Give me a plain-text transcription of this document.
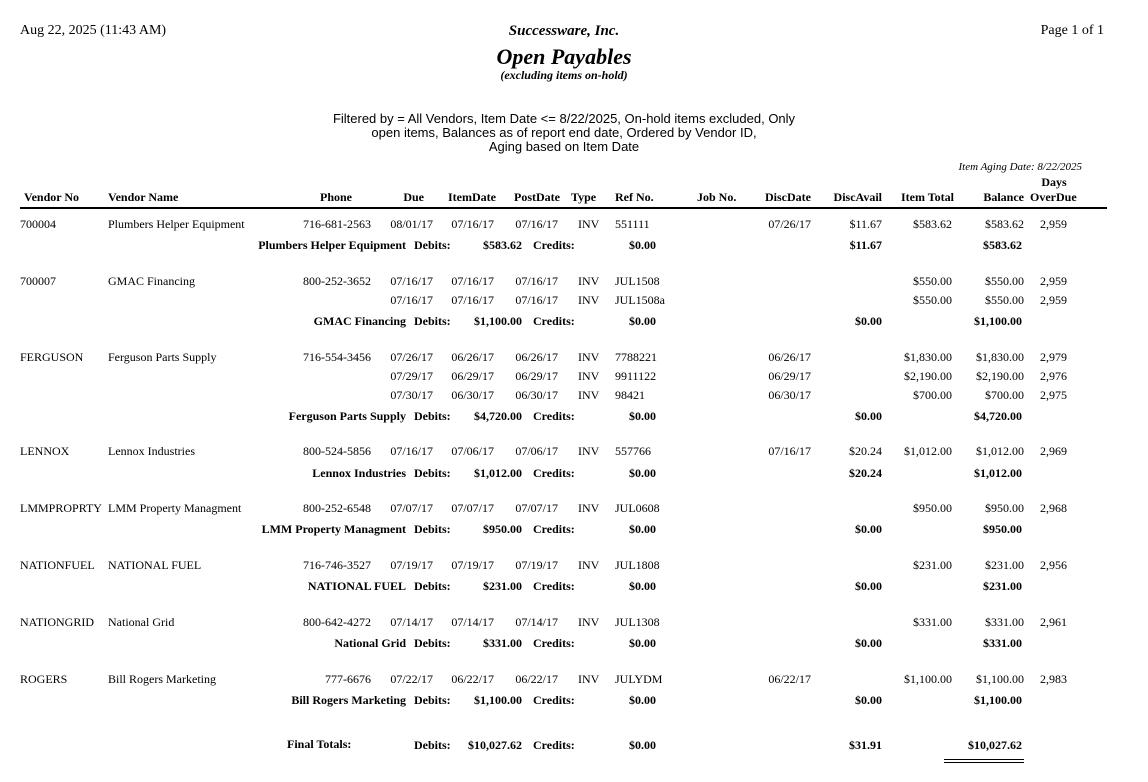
Aug 22, 2025 (11:43 AM)	Successware, Inc.
Open Payables
(excluding items on-hold)
Page 1 of 1
Filtered by = All Vendors, Item Date <= 8/22/2025, On-hold items excluded, Only
open items, Balances as of report end date, Ordered by Vendor ID,
Aging based on Item Date
Item Aging Date: 8/22/2025
Vendor No Vendor Name	Phone	Due	ItemDate	PostDate Type Ref No.	Job No.	DiscDate	DiscAvail	Item Total	Balance
Days
OverDue
700004	Plumbers Helper Equipment	716-681-2563	08/01/17	07/16/17	07/16/17 INV	551111	07/26/17	$11.67	$583.62	$583.62 2,959
Plumbers Helper Equipment Debits:	$583.62 Credits:	$0.00	$11.67	$583.62
700007	GMAC Financing	800-252-3652	07/16/17	07/16/17	07/16/17 INV	JUL1508	$550.00	$550.00 2,959
07/16/17	07/16/17	07/16/17 INV	JUL1508a	$550.00	$550.00 2,959
GMAC Financing Debits:	$1,100.00 Credits:	$0.00	$0.00	$1,100.00
FERGUSON Ferguson Parts Supply	716-554-3456	07/26/17	06/26/17	06/26/17 INV	7788221	06/26/17	$1,830.00	$1,830.00 2,979
07/29/17	06/29/17	06/29/17 INV	9911122	06/29/17	$2,190.00	$2,190.00 2,976
07/30/17	06/30/17	06/30/17 INV	98421	06/30/17	$700.00	$700.00 2,975
Ferguson Parts Supply Debits:	$4,720.00 Credits:	$0.00	$0.00	$4,720.00
LENNOX	Lennox Industries	800-524-5856	07/16/17	07/06/17	07/06/17 INV	557766	07/16/17	$20.24	$1,012.00	$1,012.00 2,969
Lennox Industries Debits:	$1,012.00 Credits:	$0.00	$20.24	$1,012.00
LMMPROPRTY LMM Property Managment	800-252-6548	07/07/17	07/07/17	07/07/17 INV	JUL0608	$950.00	$950.00 2,968
LMM Property Managment Debits:	$950.00 Credits:	$0.00	$0.00	$950.00
NATIONFUEL NATIONAL FUEL	716-746-3527	07/19/17	07/19/17	07/19/17 INV	JUL1808	$231.00	$231.00 2,956
NATIONAL FUEL Debits:	$231.00 Credits:	$0.00	$0.00	$231.00
NATIONGRID National Grid	800-642-4272	07/14/17	07/14/17	07/14/17 INV	JUL1308	$331.00	$331.00 2,961
National Grid Debits:	$331.00 Credits:	$0.00	$0.00	$331.00
ROGERS	Bill Rogers Marketing	777-6676	07/22/17	06/22/17	06/22/17 INV	JULYDM	06/22/17	$1,100.00	$1,100.00 2,983
Bill Rogers Marketing Debits:	$1,100.00 Credits:	$0.00	$0.00	$1,100.00
Final Totals:	Debits:	$10,027.62 Credits:	$0.00	$31.91	$10,027.62
